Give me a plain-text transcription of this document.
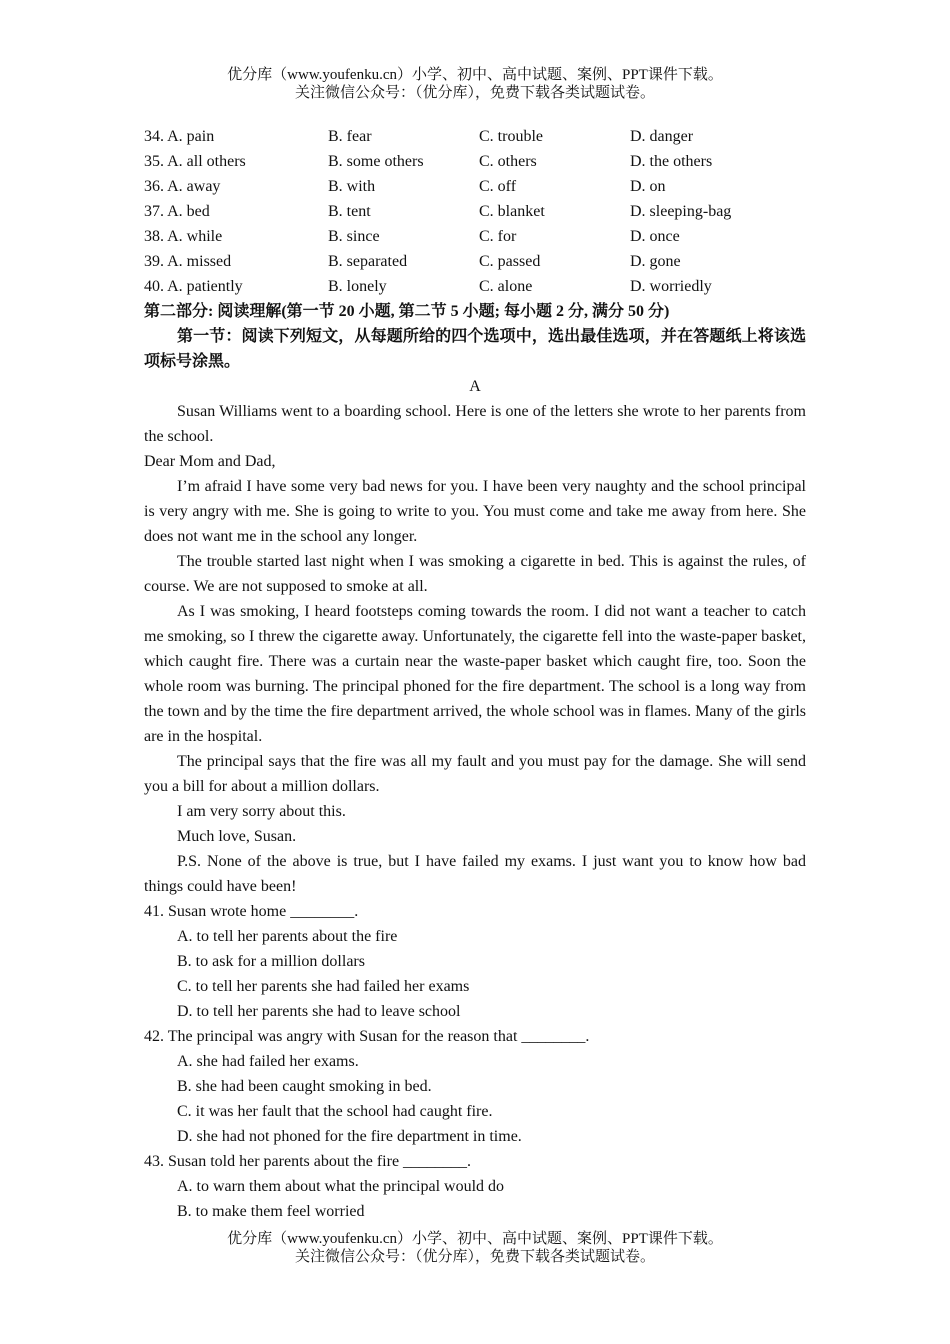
优分库（www.youfenku.cn）小学、初中、高中试题、案例、PPT课件下载。
关注微信公众号：（优分库），免费下载各类试题试卷。
34. A. pain	B. fear	C. trouble	D. danger
35. A. all others	B. some others	C. others	D. the others
36. A. away	B. with	C. off	D. on
37. A. bed	B. tent	C. blanket	D. sleeping-bag
38. A. while	B. since	C. for	D. once
39. A. missed	B. separated	C. passed	D. gone
40. A. patiently	B. lonely	C. alone	D. worriedly
第二部分: 阅读理解(第一节 20 小题, 第二节 5 小题; 每小题 2 分, 满分 50 分)

第一节：阅读下列短文，从每题所给的四个选项中，选出最佳选项，并在答题纸上将该选项标号涂黑。

A

Susan Williams went to a boarding school. Here is one of the letters she wrote to her parents from the school.

Dear Mom and Dad,

I’m afraid I have some very bad news for you. I have been very naughty and the school principal is very angry with me. She is going to write to you. You must come and take me away from here. She does not want me in the school any longer.

The trouble started last night when I was smoking a cigarette in bed. This is against the rules, of course. We are not supposed to smoke at all.

As I was smoking, I heard footsteps coming towards the room. I did not want a teacher to catch me smoking, so I threw the cigarette away. Unfortunately, the cigarette fell into the waste-paper basket, which caught fire. There was a curtain near the waste-paper basket which caught fire, too. Soon the whole room was burning. The principal phoned for the fire department. The school is a long way from the town and by the time the fire department arrived, the whole school was in flames. Many of the girls are in the hospital.

The principal says that the fire was all my fault and you must pay for the damage. She will send you a bill for about a million dollars.

I am very sorry about this.

Much love, Susan.

P.S. None of the above is true, but I have failed my exams. I just want you to know how bad things could have been!

41. Susan wrote home ________.
A. to tell her parents about the fire
B. to ask for a million dollars
C. to tell her parents she had failed her exams
D. to tell her parents she had to leave school
42. The principal was angry with Susan for the reason that ________.
A. she had failed her exams.
B. she had been caught smoking in bed.
C. it was her fault that the school had caught fire.
D. she had not phoned for the fire department in time.
43. Susan told her parents about the fire ________.
A. to warn them about what the principal would do
B. to make them feel worried
优分库（www.youfenku.cn）小学、初中、高中试题、案例、PPT课件下载。
关注微信公众号：（优分库），免费下载各类试题试卷。
